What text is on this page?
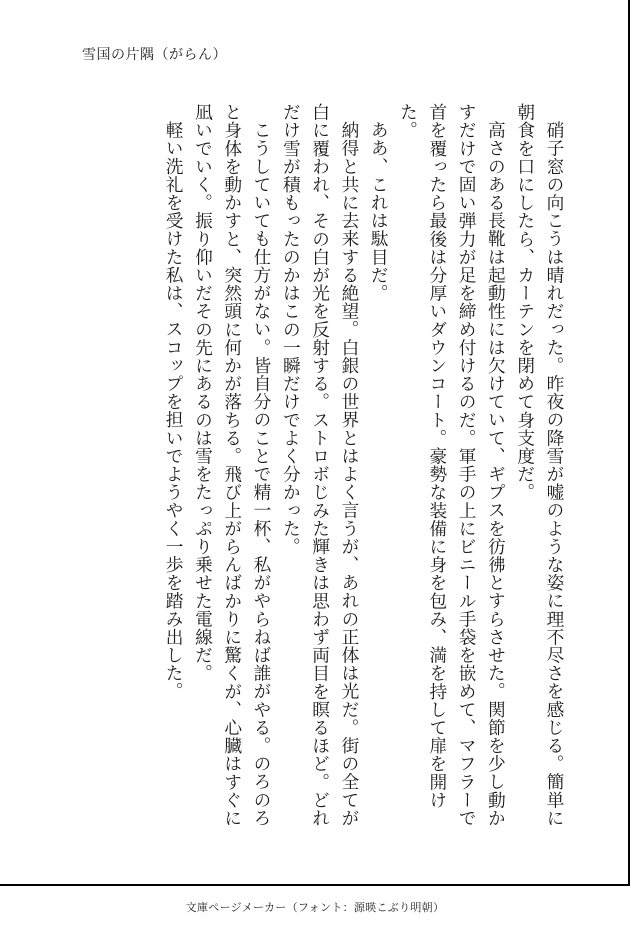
雪国の片隅（がらん）

硝子窓の向こうは晴れだった。昨夜の降雪が嘘のような姿に理不尽さを感じる。簡単に朝食を口にしたら、カーテンを閉めて身支度だ。

高さのある長靴は起動性には欠けていて、ギプスを彷彿とすらさせた。関節を少し動かすだけで固い弾力が足を締め付けるのだ。軍手の上にビニール手袋を嵌めて、マフラーで首を覆ったら最後は分厚いダウンコート。豪勢な装備に身を包み、満を持して扉を開けた。

ああ、これは駄目だ。

納得と共に去来する絶望。白銀の世界とはよく言うが、あれの正体は光だ。街の全てが白に覆われ、その白が光を反射する。ストロボじみた輝きは思わず両目を瞑るほど。どれだけ雪が積もったのかはこの一瞬だけでよく分かった。

こうしていても仕方がない。皆自分のことで精一杯、私がやらねば誰がやる。のろのろと身体を動かすと、突然頭に何かが落ちる。飛び上がらんばかりに驚くが、心臓はすぐに凪いでいく。振り仰いだその先にあるのは雪をたっぷり乗せた電線だ。

軽い洗礼を受けた私は、スコップを担いでようやく一歩を踏み出した。

文庫ページメーカー（フォント：源暎こぶり明朝）
